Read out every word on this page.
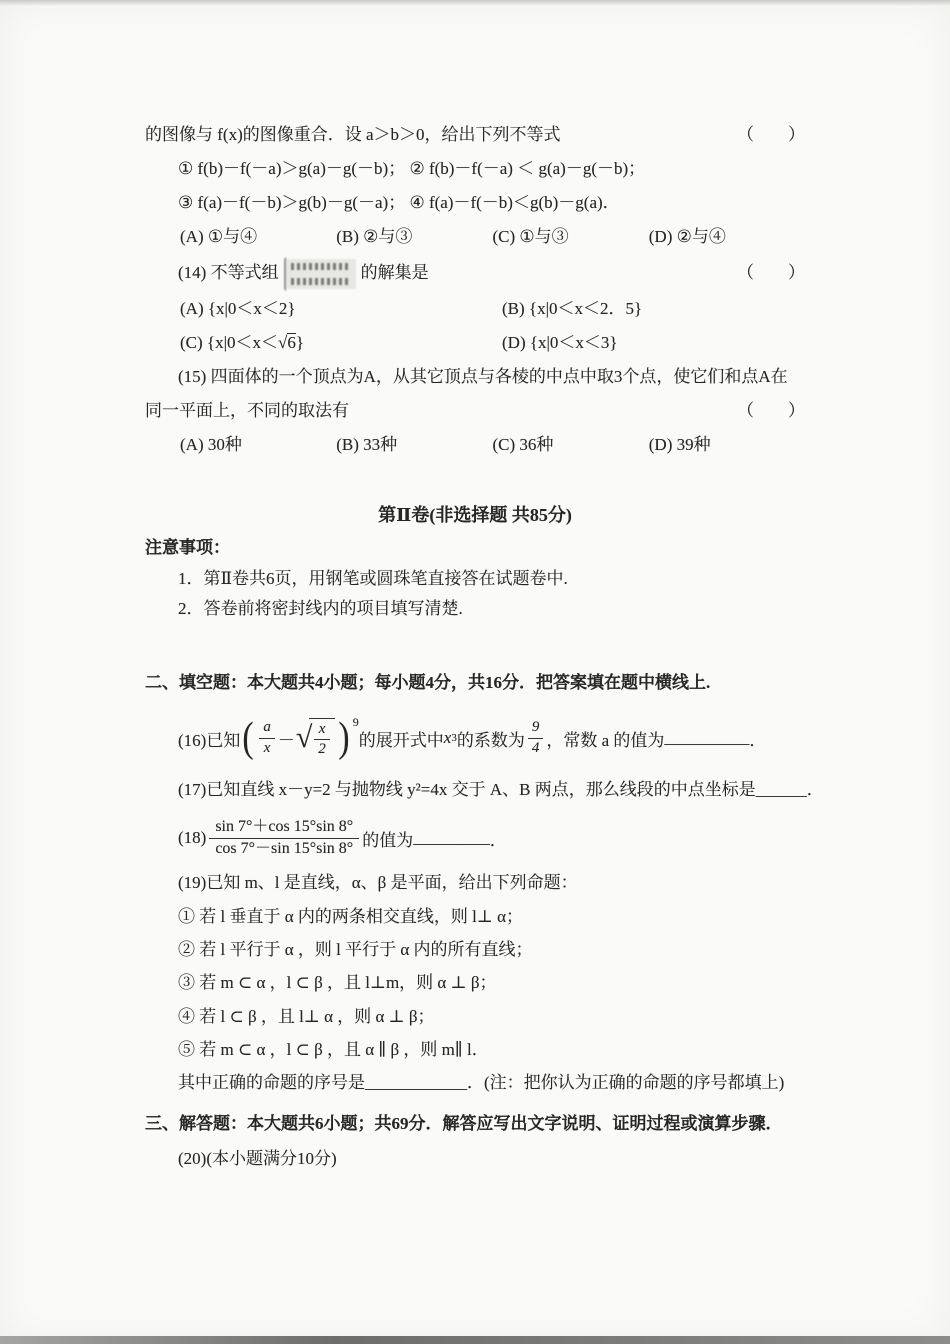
的图像与 f(x)的图像重合．设 a＞b＞0，给出下列不等式	（　　）
① f(b)－f(－a)＞g(a)－g(－b)； ② f(b)－f(－a) ＜ g(a)－g(－b)；
③ f(a)－f(－b)＞g(b)－g(－a)； ④ f(a)－f(－b)＜g(b)－g(a)．
(A) ①与④	(B) ②与③	(C) ①与③	(D) ②与④
(14) 不等式组	的解集是	（　　）
(A) {x|0＜x＜2}	(B) {x|0＜x＜2．5}
(C) {x|0＜x＜√6}	(D) {x|0＜x＜3}
(15) 四面体的一个顶点为A，从其它顶点与各棱的中点中取3个点，使它们和点A在
同一平面上，不同的取法有	（　　）
(A) 30种	(B) 33种	(C) 36种	(D) 39种
第Ⅱ卷(非选择题 共85分)
注意事项：
1．第Ⅱ卷共6页，用钢笔或圆珠笔直接答在试题卷中.
2．答卷前将密封线内的项目填写清楚.
二、填空题：本大题共4小题；每小题4分，共16分．把答案填在题中横线上.
(16)已知 ( $\frac{a}{x}$ － √ $\frac{x}{2}$ ) 9
的展开式中 x 3 的系数为 $\frac{9}{4}$ ，常数 a 的值为 __________ ．
(17)已知直线 x－y=2 与抛物线 y²=4x 交于 A、B 两点，那么线段的中点坐标是 ______ ．
$(18) \frac{\sin 7^\circ+\cos 15^\circ\sin 8^\circ}{\cos 7^\circ-\sin 15^\circ\sin 8^\circ}$ 的值为 _________ ．
(19)已知 m、l 是直线，α、β 是平面，给出下列命题：
① 若 l 垂直于 α 内的两条相交直线，则 l⊥ α；
② 若 l 平行于 α ，则 l 平行于 α 内的所有直线；
③ 若 m ⊂ α ，l ⊂ β ，且 l⊥m，则 α ⊥ β；
④ 若 l ⊂ β ，且 l⊥ α ，则 α ⊥ β；
⑤ 若 m ⊂ α ，l ⊂ β ，且 α ∥ β ，则 m∥ l．
其中正确的命题的序号是____________．(注：把你认为正确的命题的序号都填上)
三、解答题：本大题共6小题；共69分．解答应写出文字说明、证明过程或演算步骤．
(20)(本小题满分10分)
